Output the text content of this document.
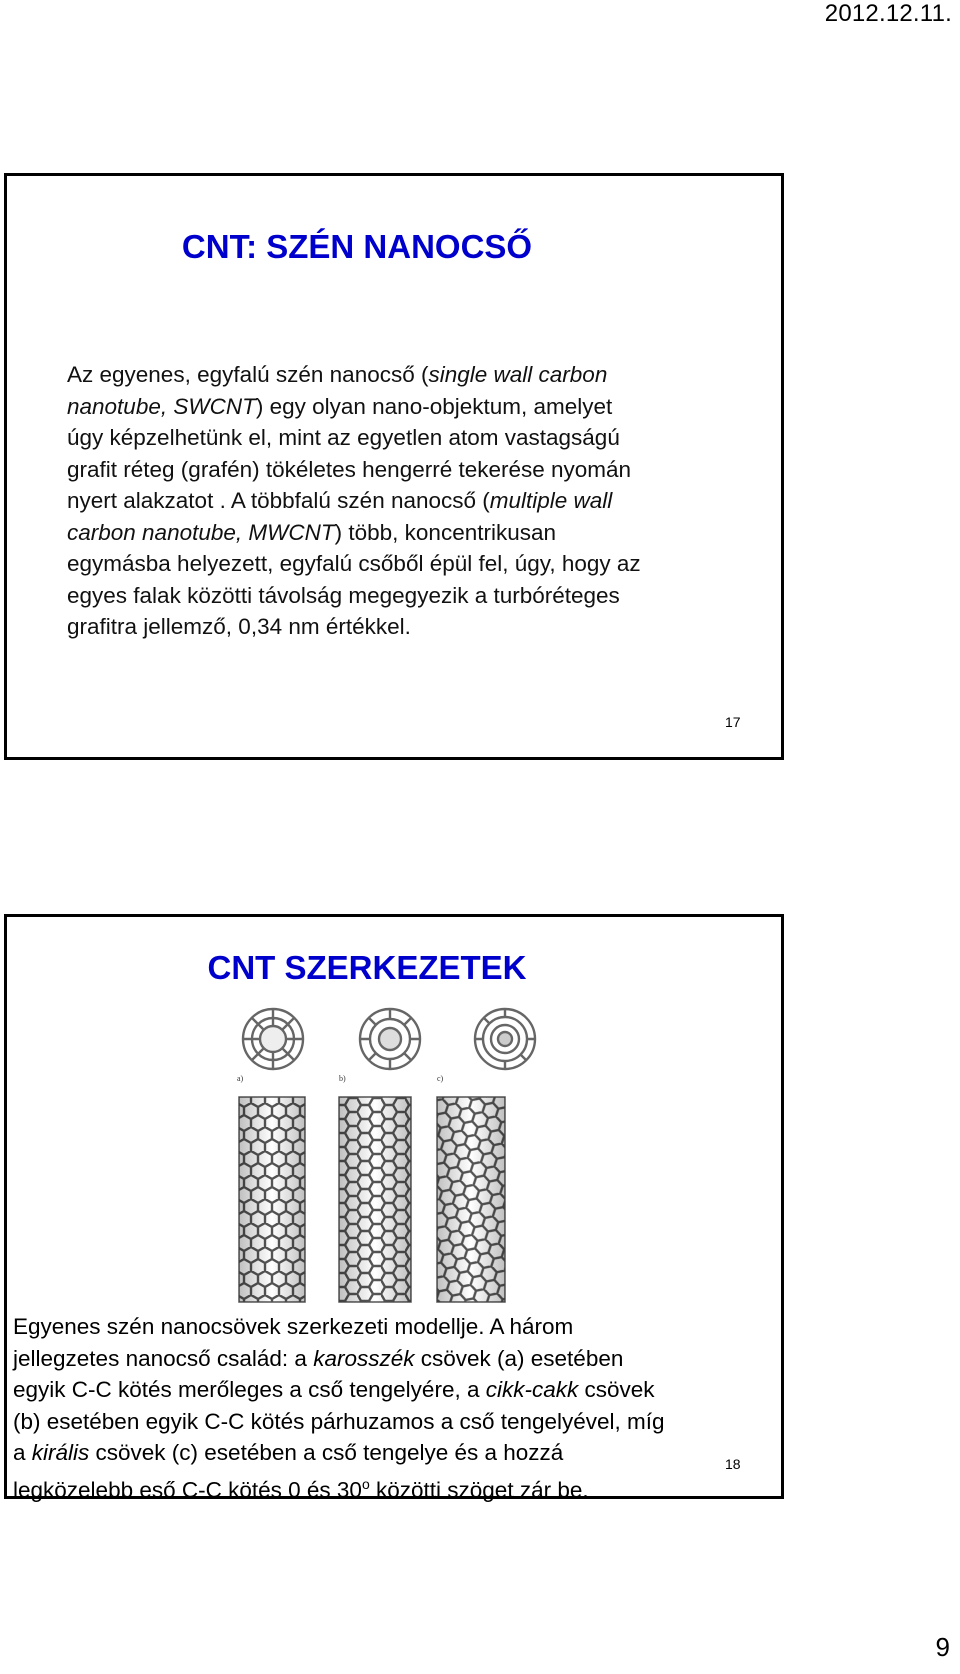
2012.12.11.
CNT: SZÉN NANOCSŐ
Az egyenes, egyfalú szén nanocső (single wall carbon
nanotube, SWCNT) egy olyan nano-objektum, amelyet
úgy képzelhetünk el, mint az egyetlen atom vastagságú
grafit réteg (grafén) tökéletes hengerré tekerése nyomán
nyert alakzatot . A többfalú szén nanocső (multiple wall
carbon nanotube, MWCNT) több, koncentrikusan
egymásba helyezett, egyfalú csőből épül fel, úgy, hogy az
egyes falak közötti távolság megegyezik a turbóréteges
grafitra jellemző, 0,34 nm értékkel.
17
CNT SZERKEZETEK
a)	b)	c)
Egyenes szén nanocsövek szerkezeti modellje. A három
jellegzetes nanocső család: a karosszék csövek (a) esetében
egyik C-C kötés merőleges a cső tengelyére, a cikk-cakk csövek
(b) esetében egyik C-C kötés párhuzamos a cső tengelyével, míg
a királis csövek (c) esetében a cső tengelye és a hozzá
legközelebb eső C-C kötés 0 és 30$^o$ közötti szöget zár be.
18
9
